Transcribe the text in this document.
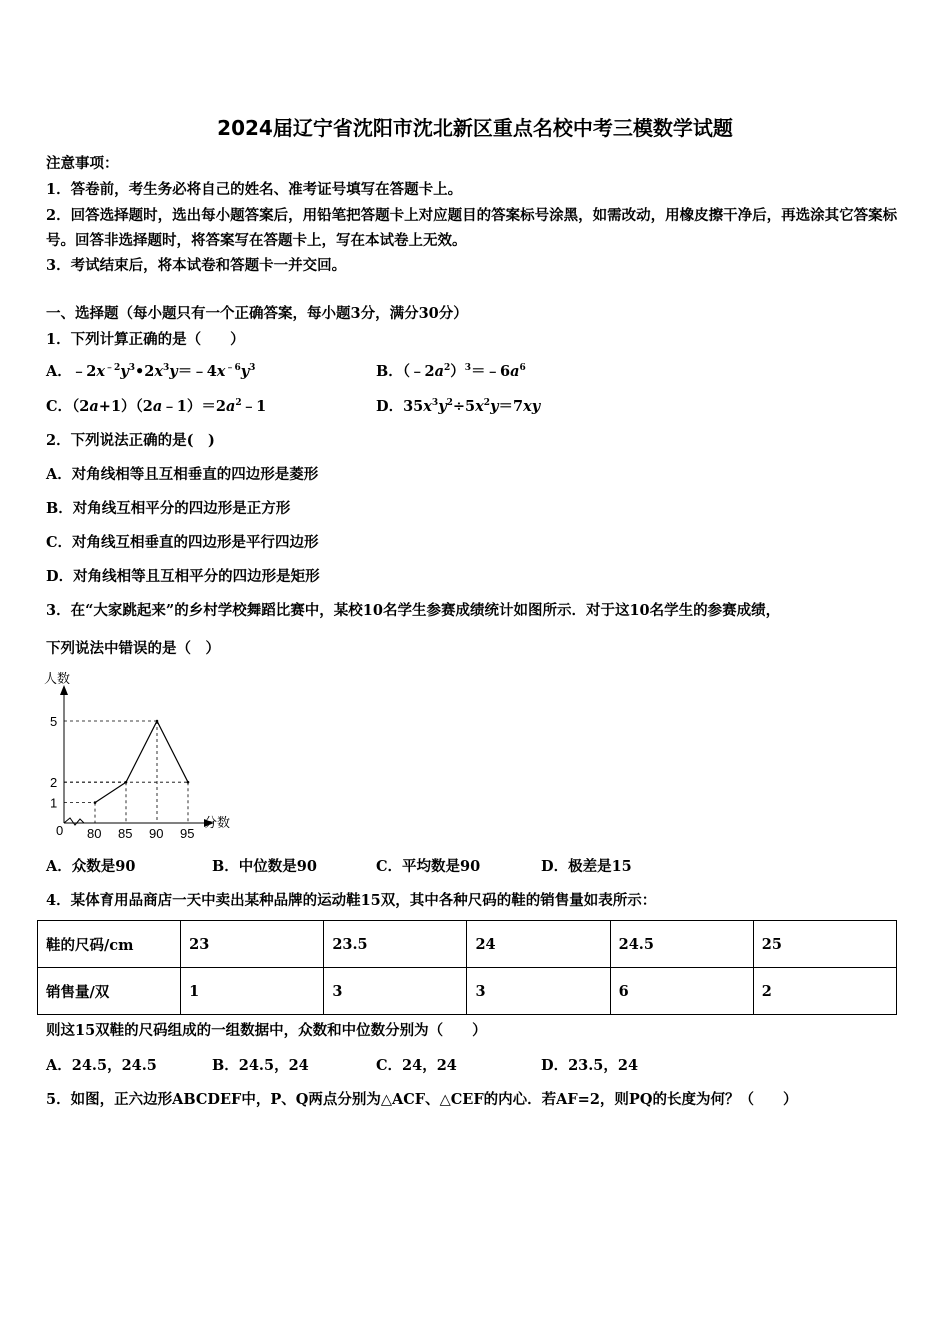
2024届辽宁省沈阳市沈北新区重点名校中考三模数学试题
注意事项：
1．答卷前，考生务必将自己的姓名、准考证号填写在答题卡上。
2．回答选择题时，选出每小题答案后，用铅笔把答题卡上对应题目的答案标号涂黑，如需改动，用橡皮擦干净后，再选涂其它答案标号。回答非选择题时，将答案写在答题卡上，写在本试卷上无效。
3．考试结束后，将本试卷和答题卡一并交回。
一、选择题（每小题只有一个正确答案，每小题3分，满分30分）
1．下列计算正确的是（　　）
A．$﹣2x^{﹣2}y^3•2x^3y=﹣4x^{﹣6}y^3$	B．$(﹣2a^2)^3=﹣6a^6$
C．$(2a+1)(2a﹣1)=2a^2﹣1$	D．$35x^3y^2\div 5x^2y=7xy$
2．下列说法正确的是(　)
A．对角线相等且互相垂直的四边形是菱形
B．对角线互相平分的四边形是正方形
C．对角线互相垂直的四边形是平行四边形
D．对角线相等且互相平分的四边形是矩形
3．在“大家跳起来”的乡村学校舞蹈比赛中，某校10名学生参赛成绩统计如图所示．对于这10名学生的参赛成绩，
下列说法中错误的是（　）
人数
分数
0
1
2
5
80 85 90 95
A．众数是90	B．中位数是90	C．平均数是90	D．极差是15
4．某体育用品商店一天中卖出某种品牌的运动鞋15双，其中各种尺码的鞋的销售量如表所示：
鞋的尺码/cm	23	23.5	24	24.5	25
销售量/双	1	3	3	6	2
则这15双鞋的尺码组成的一组数据中，众数和中位数分别为（　　）
A．24.5，24.5	B．24.5，24	C．24，24	D．23.5，24
5．如图，正六边形ABCDEF中，P、Q两点分别为△ACF、△CEF的内心．若AF=2，则PQ的长度为何？（　　）
